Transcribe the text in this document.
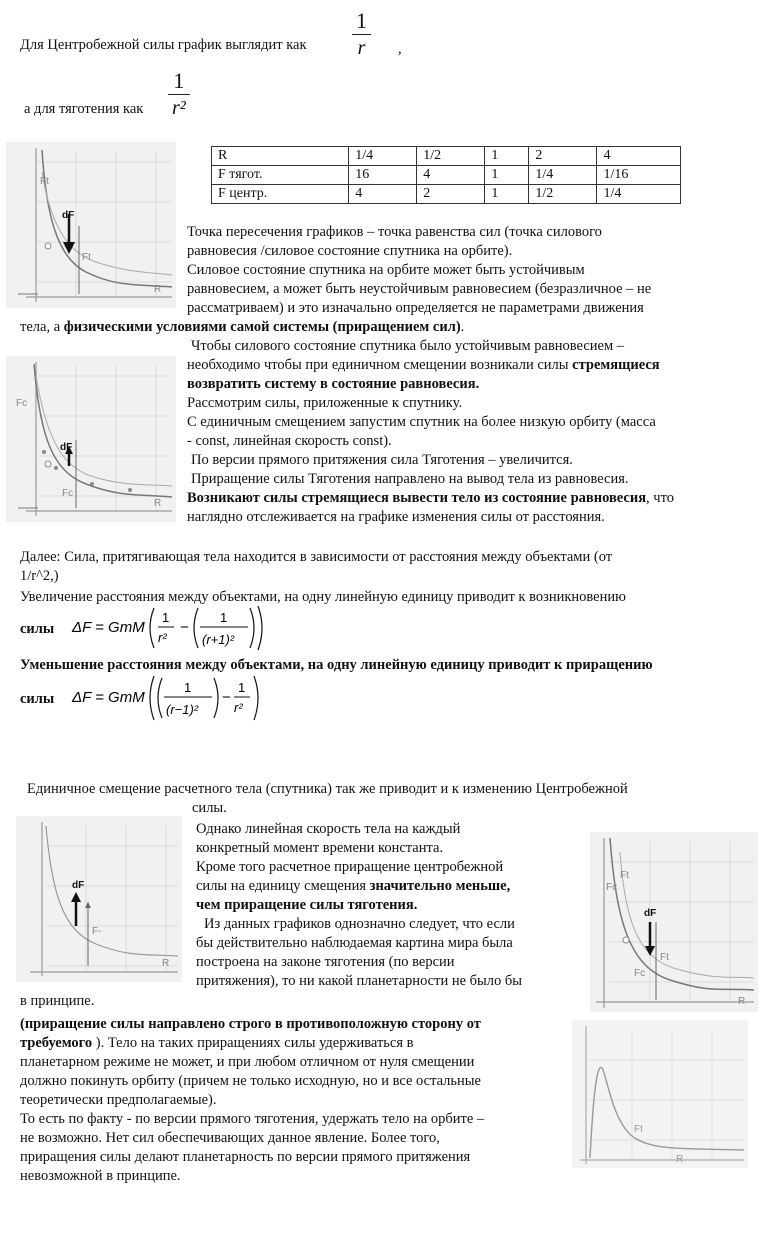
Для Центробежной силы график выглядит как $\frac{1}{r}$ ,
а для тяготения как $\frac{1}{\text{r²}}$
R	1/4	1/2	1	2	4
F тягот.	16	4	1	1/4	1/16
F центр.	4	2	1	1/2	1/4
Ft
dF
Ft
R
Точка пересечения графиков – точка равенства сил (точка силового
равновесия /силовое состояние спутника на орбите).
Силовое состояние спутника на орбите может быть устойчивым
равновесием, а может быть неустойчивым равновесием (безразличное – не
рассматриваем) и это изначально определяется не параметрами движения
тела, а физическими условиями самой системы (приращением сил).
Fc
dF
Fc
R
Чтобы силового состояние спутника было устойчивым равновесием –
необходимо чтобы при единичном смещении возникали силы стремящиеся
возвратить систему в состояние равновесия.
Рассмотрим силы, приложенные к спутнику.
С единичным смещением запустим спутник на более низкую орбиту (масса
- const, линейная скорость const).
По версии прямого притяжения сила Тяготения – увеличится.
Приращение силы Тяготения направлено на вывод тела из равновесия.
Возникают силы стремящиеся вывести тело из состояние равновесия, что
наглядно отслеживается на графике изменения силы от расстояния.
Далее: Сила, притягивающая тела находится в зависимости от расстояния между объектами (от
1/r^2,)
Увеличение расстояния между объектами, на одну линейную единицу приводит к возникновению
силы ΔF = GmM
1
r²
−
1
(r+1)²
Уменьшение расстояния между объектами, на одну линейную единицу приводит к приращению
силы ΔF = GmM
1
(r−1)²
−
1
r²
Единичное смещение расчетного тела (спутника) так же приводит и к изменению Центробежной
силы.
dF
F-
R
Однако линейная скорость тела на каждый
конкретный момент времени константа.
Кроме того расчетное приращение центробежной
силы на единицу смещения значительно меньше,
чем приращение силы тяготения.
Из данных графиков однозначно следует, что если
бы действительно наблюдаемая картина мира была
построена на законе тяготения (по версии
притяжения), то ни какой планетарности не было бы
в принципе.
Fc
Ft
dF
Ft
Fc
R
(приращение силы направлено строго в противоположную сторону от
требуемого ). Тело на таких приращениях силы удерживаться в
планетарном режиме не может, и при любом отличном от нуля смещении
должно покинуть орбиту (причем не только исходную, но и все остальные
теоретически предполагаемые).
То есть по факту - по версии прямого тяготения, удержать тело на орбите –
не возможно. Нет сил обеспечивающих данное явление. Более того,
приращения силы делают планетарность по версии прямого притяжения
невозможной в принципе.
Ft
R
